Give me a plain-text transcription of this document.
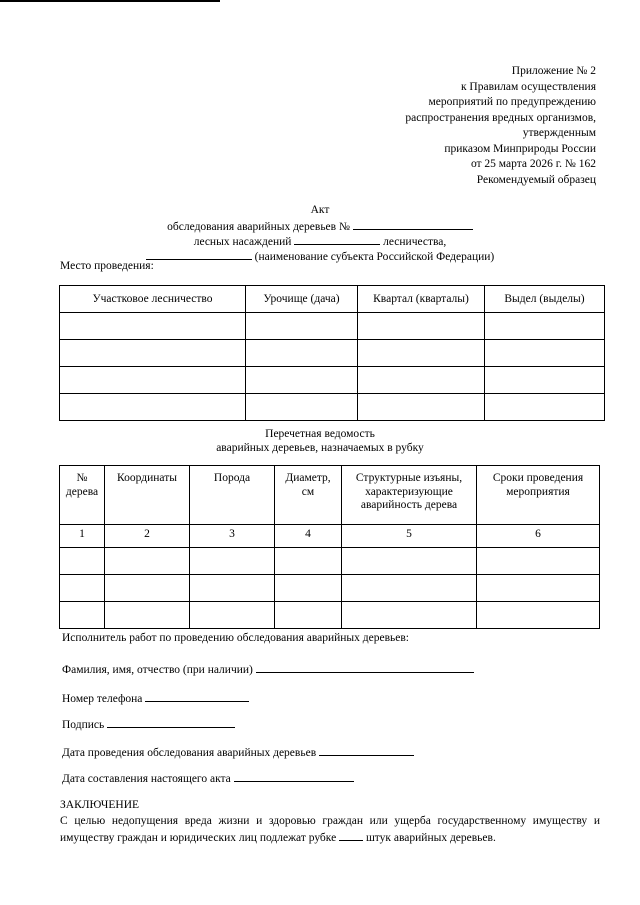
Приложение № 2
к Правилам осуществления
мероприятий по предупреждению
распространения вредных организмов,
утвержденным
приказом Минприроды России
от 25 марта 2026 г. № 162
Рекомендуемый образец
Акт
обследования аварийных деревьев №
лесных насаждений	лесничества,
(наименование субъекта Российской Федерации)
Место проведения:
Участковое лесничество	Урочище (дача)	Квартал (кварталы)	Выдел (выделы)

Перечетная ведомость
аварийных деревьев, назначаемых в рубку
№ дерева	Координаты	Порода	Диаметр, см	Структурные изъяны, характеризующие аварийность дерева	Сроки проведения мероприятия
1	2	3	4	5	6

Исполнитель работ по проведению обследования аварийных деревьев:
Фамилия, имя, отчество (при наличии)
Номер телефона
Подпись
Дата проведения обследования аварийных деревьев
Дата составления настоящего акта
ЗАКЛЮЧЕНИЕ
С целью недопущения вреда жизни и здоровью граждан или ущерба государственному имуществу и имуществу граждан и юридических лиц подлежат рубке	штук аварийных деревьев.
